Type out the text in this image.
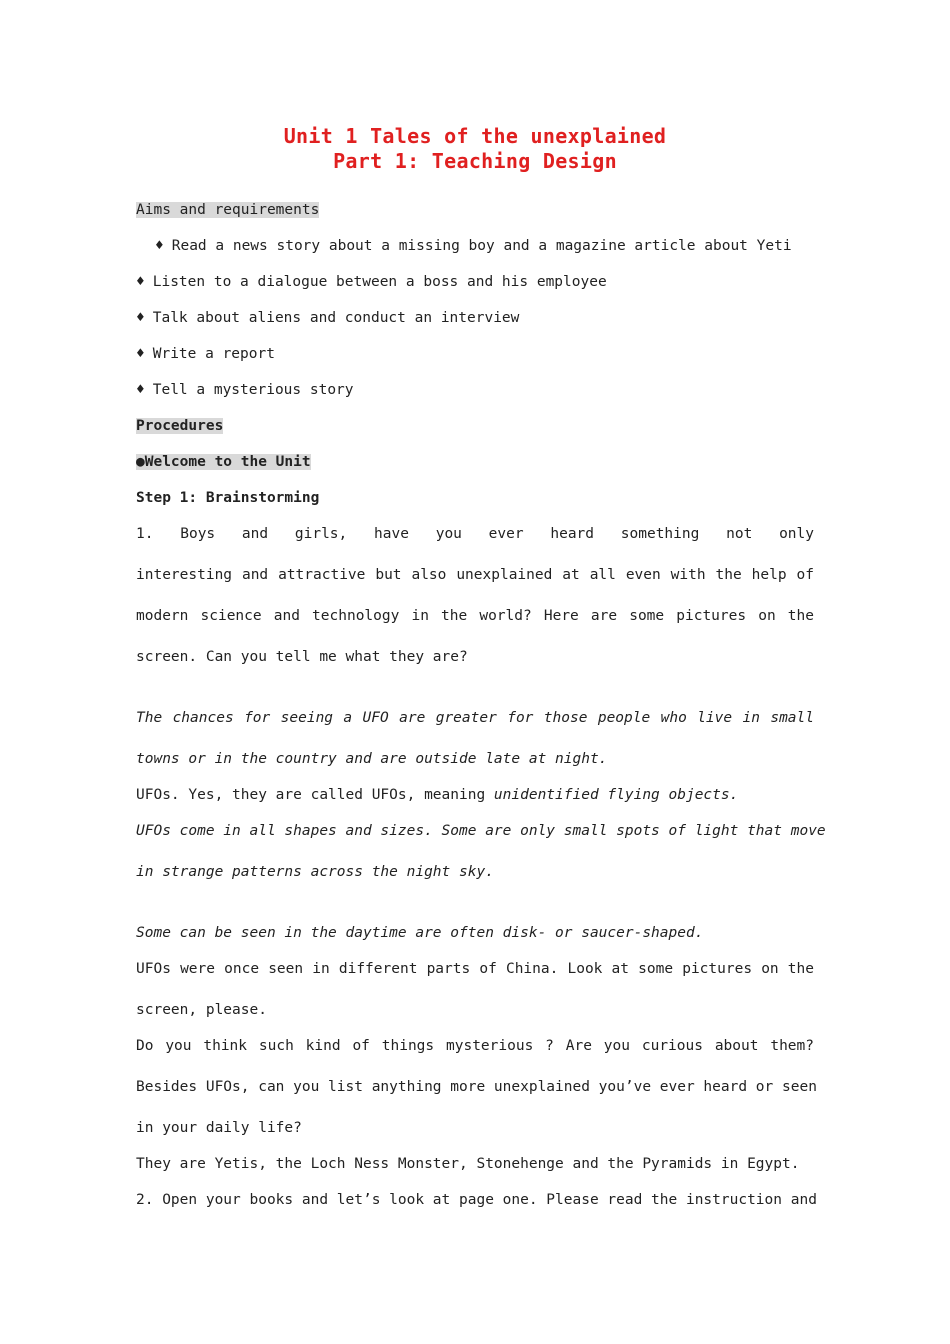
Unit 1 Tales of the unexplained
Part 1: Teaching Design
Aims and requirements
♦ Read a news story about a missing boy and a magazine article about Yeti
♦ Listen to a dialogue between a boss and his employee
♦ Talk about aliens and conduct an interview
♦ Write a report
♦ Tell a mysterious story
Procedures
●Welcome to the Unit
Step 1: Brainstorming
1. Boys and girls, have you ever heard something not only
interesting and attractive but also unexplained at all even with the help of
modern science and technology in the world? Here are some pictures on the
screen. Can you tell me what they are?
The chances for seeing a UFO are greater for those people who live in small
towns or in the country and are outside late at night.
UFOs. Yes, they are called UFOs, meaning unidentified flying objects.
UFOs come in all shapes and sizes. Some are only small spots of light that move
in strange patterns across the night sky.
Some can be seen in the daytime are often disk- or saucer-shaped.
UFOs were once seen in different parts of China. Look at some pictures on the
screen, please.
Do you think such kind of things mysterious ? Are you curious about them?
Besides UFOs, can you list anything more unexplained you’ve ever heard or seen
in your daily life?
They are Yetis, the Loch Ness Monster, Stonehenge and the Pyramids in Egypt.
2. Open your books and let’s look at page one. Please read the instruction and
